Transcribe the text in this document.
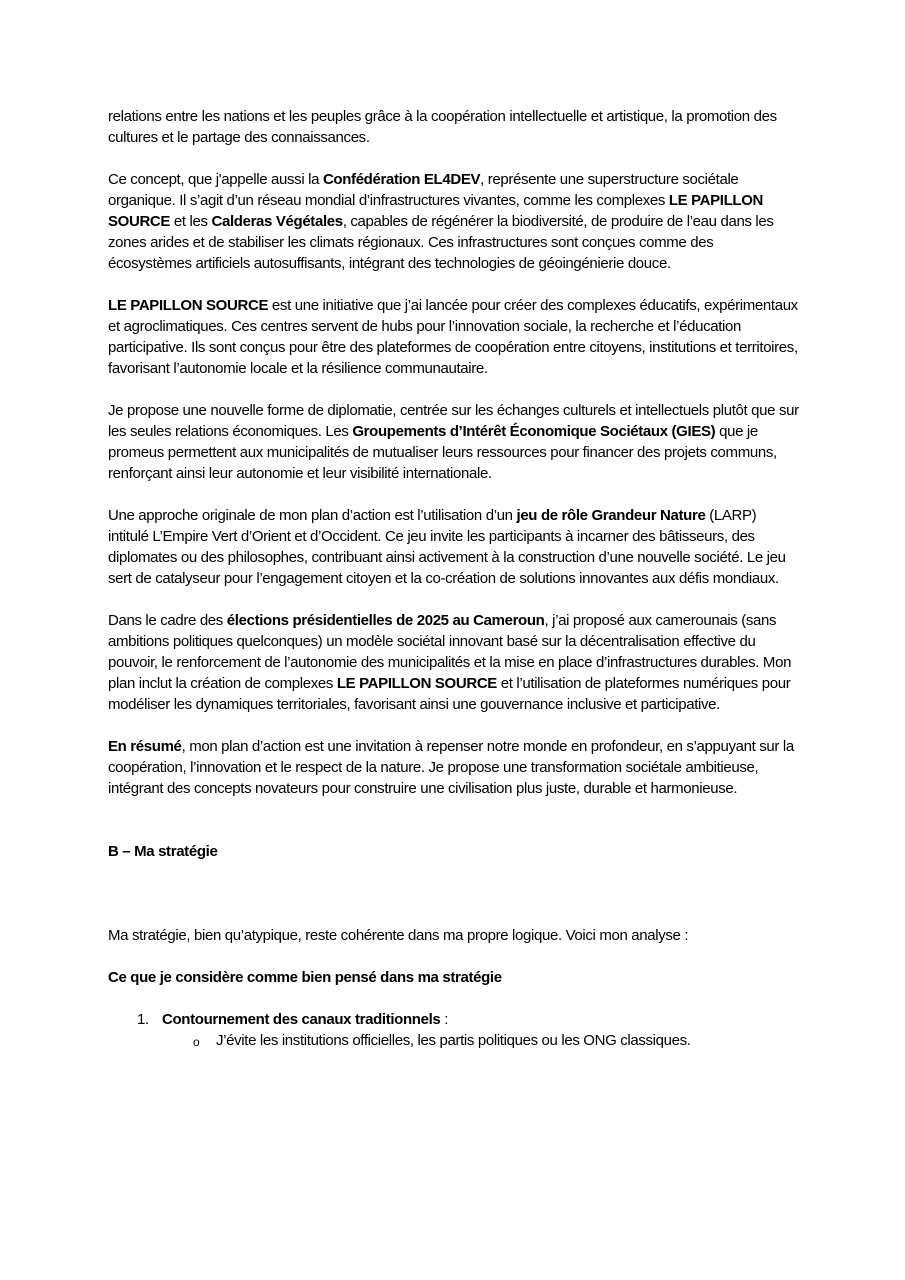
relations entre les nations et les peuples grâce à la coopération intellectuelle et artistique, la promotion des cultures et le partage des connaissances.

Ce concept, que j'appelle aussi la Confédération EL4DEV, représente une superstructure sociétale organique. Il s’agit d’un réseau mondial d’infrastructures vivantes, comme les complexes LE PAPILLON SOURCE et les Calderas Végétales, capables de régénérer la biodiversité, de produire de l’eau dans les zones arides et de stabiliser les climats régionaux. Ces infrastructures sont conçues comme des écosystèmes artificiels autosuffisants, intégrant des technologies de géoingénierie douce.

LE PAPILLON SOURCE est une initiative que j’ai lancée pour créer des complexes éducatifs, expérimentaux et agroclimatiques. Ces centres servent de hubs pour l’innovation sociale, la recherche et l’éducation participative. Ils sont conçus pour être des plateformes de coopération entre citoyens, institutions et territoires, favorisant l’autonomie locale et la résilience communautaire.

Je propose une nouvelle forme de diplomatie, centrée sur les échanges culturels et intellectuels plutôt que sur les seules relations économiques. Les Groupements d’Intérêt Économique Sociétaux (GIES) que je promeus permettent aux municipalités de mutualiser leurs ressources pour financer des projets communs, renforçant ainsi leur autonomie et leur visibilité internationale.

Une approche originale de mon plan d’action est l’utilisation d’un jeu de rôle Grandeur Nature (LARP) intitulé L’Empire Vert d’Orient et d’Occident. Ce jeu invite les participants à incarner des bâtisseurs, des diplomates ou des philosophes, contribuant ainsi activement à la construction d’une nouvelle société. Le jeu sert de catalyseur pour l’engagement citoyen et la co-création de solutions innovantes aux défis mondiaux.

Dans le cadre des élections présidentielles de 2025 au Cameroun, j’ai proposé aux camerounais (sans ambitions politiques quelconques) un modèle sociétal innovant basé sur la décentralisation effective du pouvoir, le renforcement de l’autonomie des municipalités et la mise en place d’infrastructures durables. Mon plan inclut la création de complexes LE PAPILLON SOURCE et l’utilisation de plateformes numériques pour modéliser les dynamiques territoriales, favorisant ainsi une gouvernance inclusive et participative.

En résumé, mon plan d’action est une invitation à repenser notre monde en profondeur, en s’appuyant sur la coopération, l’innovation et le respect de la nature. Je propose une transformation sociétale ambitieuse, intégrant des concepts novateurs pour construire une civilisation plus juste, durable et harmonieuse.

B – Ma stratégie

Ma stratégie, bien qu’atypique, reste cohérente dans ma propre logique. Voici mon analyse :

Ce que je considère comme bien pensé dans ma stratégie
1. Contournement des canaux traditionnels :
o J’évite les institutions officielles, les partis politiques ou les ONG classiques.
